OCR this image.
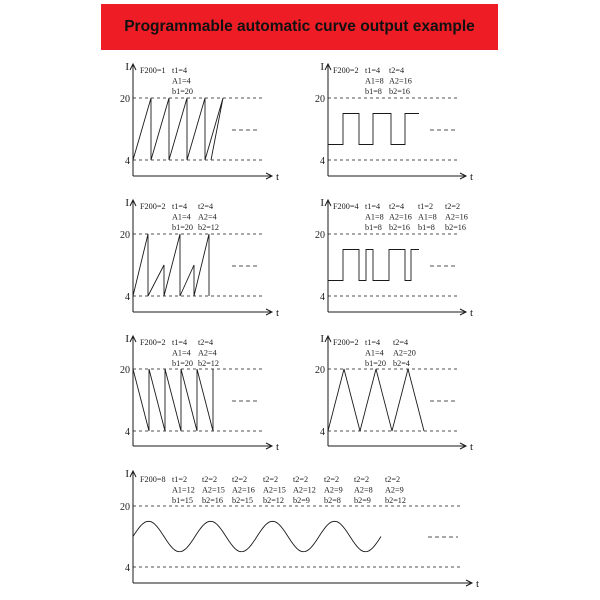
Programmable automatic curve output example
F200=1 t1=4
A1=4
b1=20
I
t
20
4
F200=2 t1=4 t2=4
A1=8 A2=16
b1=8 b2=16
I
t
20
4
F200=2 t1=4 t2=4
A1=4 A2=4
b1=20 b2=12
I
t
20
4
F200=4 t1=4 t2=4 t1=2 t2=2
A1=8 A2=16 A1=8 A2=16
b1=8 b2=16 b1=8 b2=16
I
t
20
4
F200=2 t1=4 t2=4
A1=4 A2=4
b1=20 b2=12
I
t
20
4
F200=2 t1=4 t2=4
A1=4 A2=20
b1=20 b2=4
I
t
20
4
F200=8 t1=2 t2=2 t2=2 t2=2 t2=2 t2=2 t2=2 t2=2
A1=12 A2=15 A2=16 A2=15 A2=12 A2=9 A2=8 A2=9
b1=15 b2=16 b2=15 b2=12 b2=9 b2=8 b2=9 b2=12
I
t
20
4
